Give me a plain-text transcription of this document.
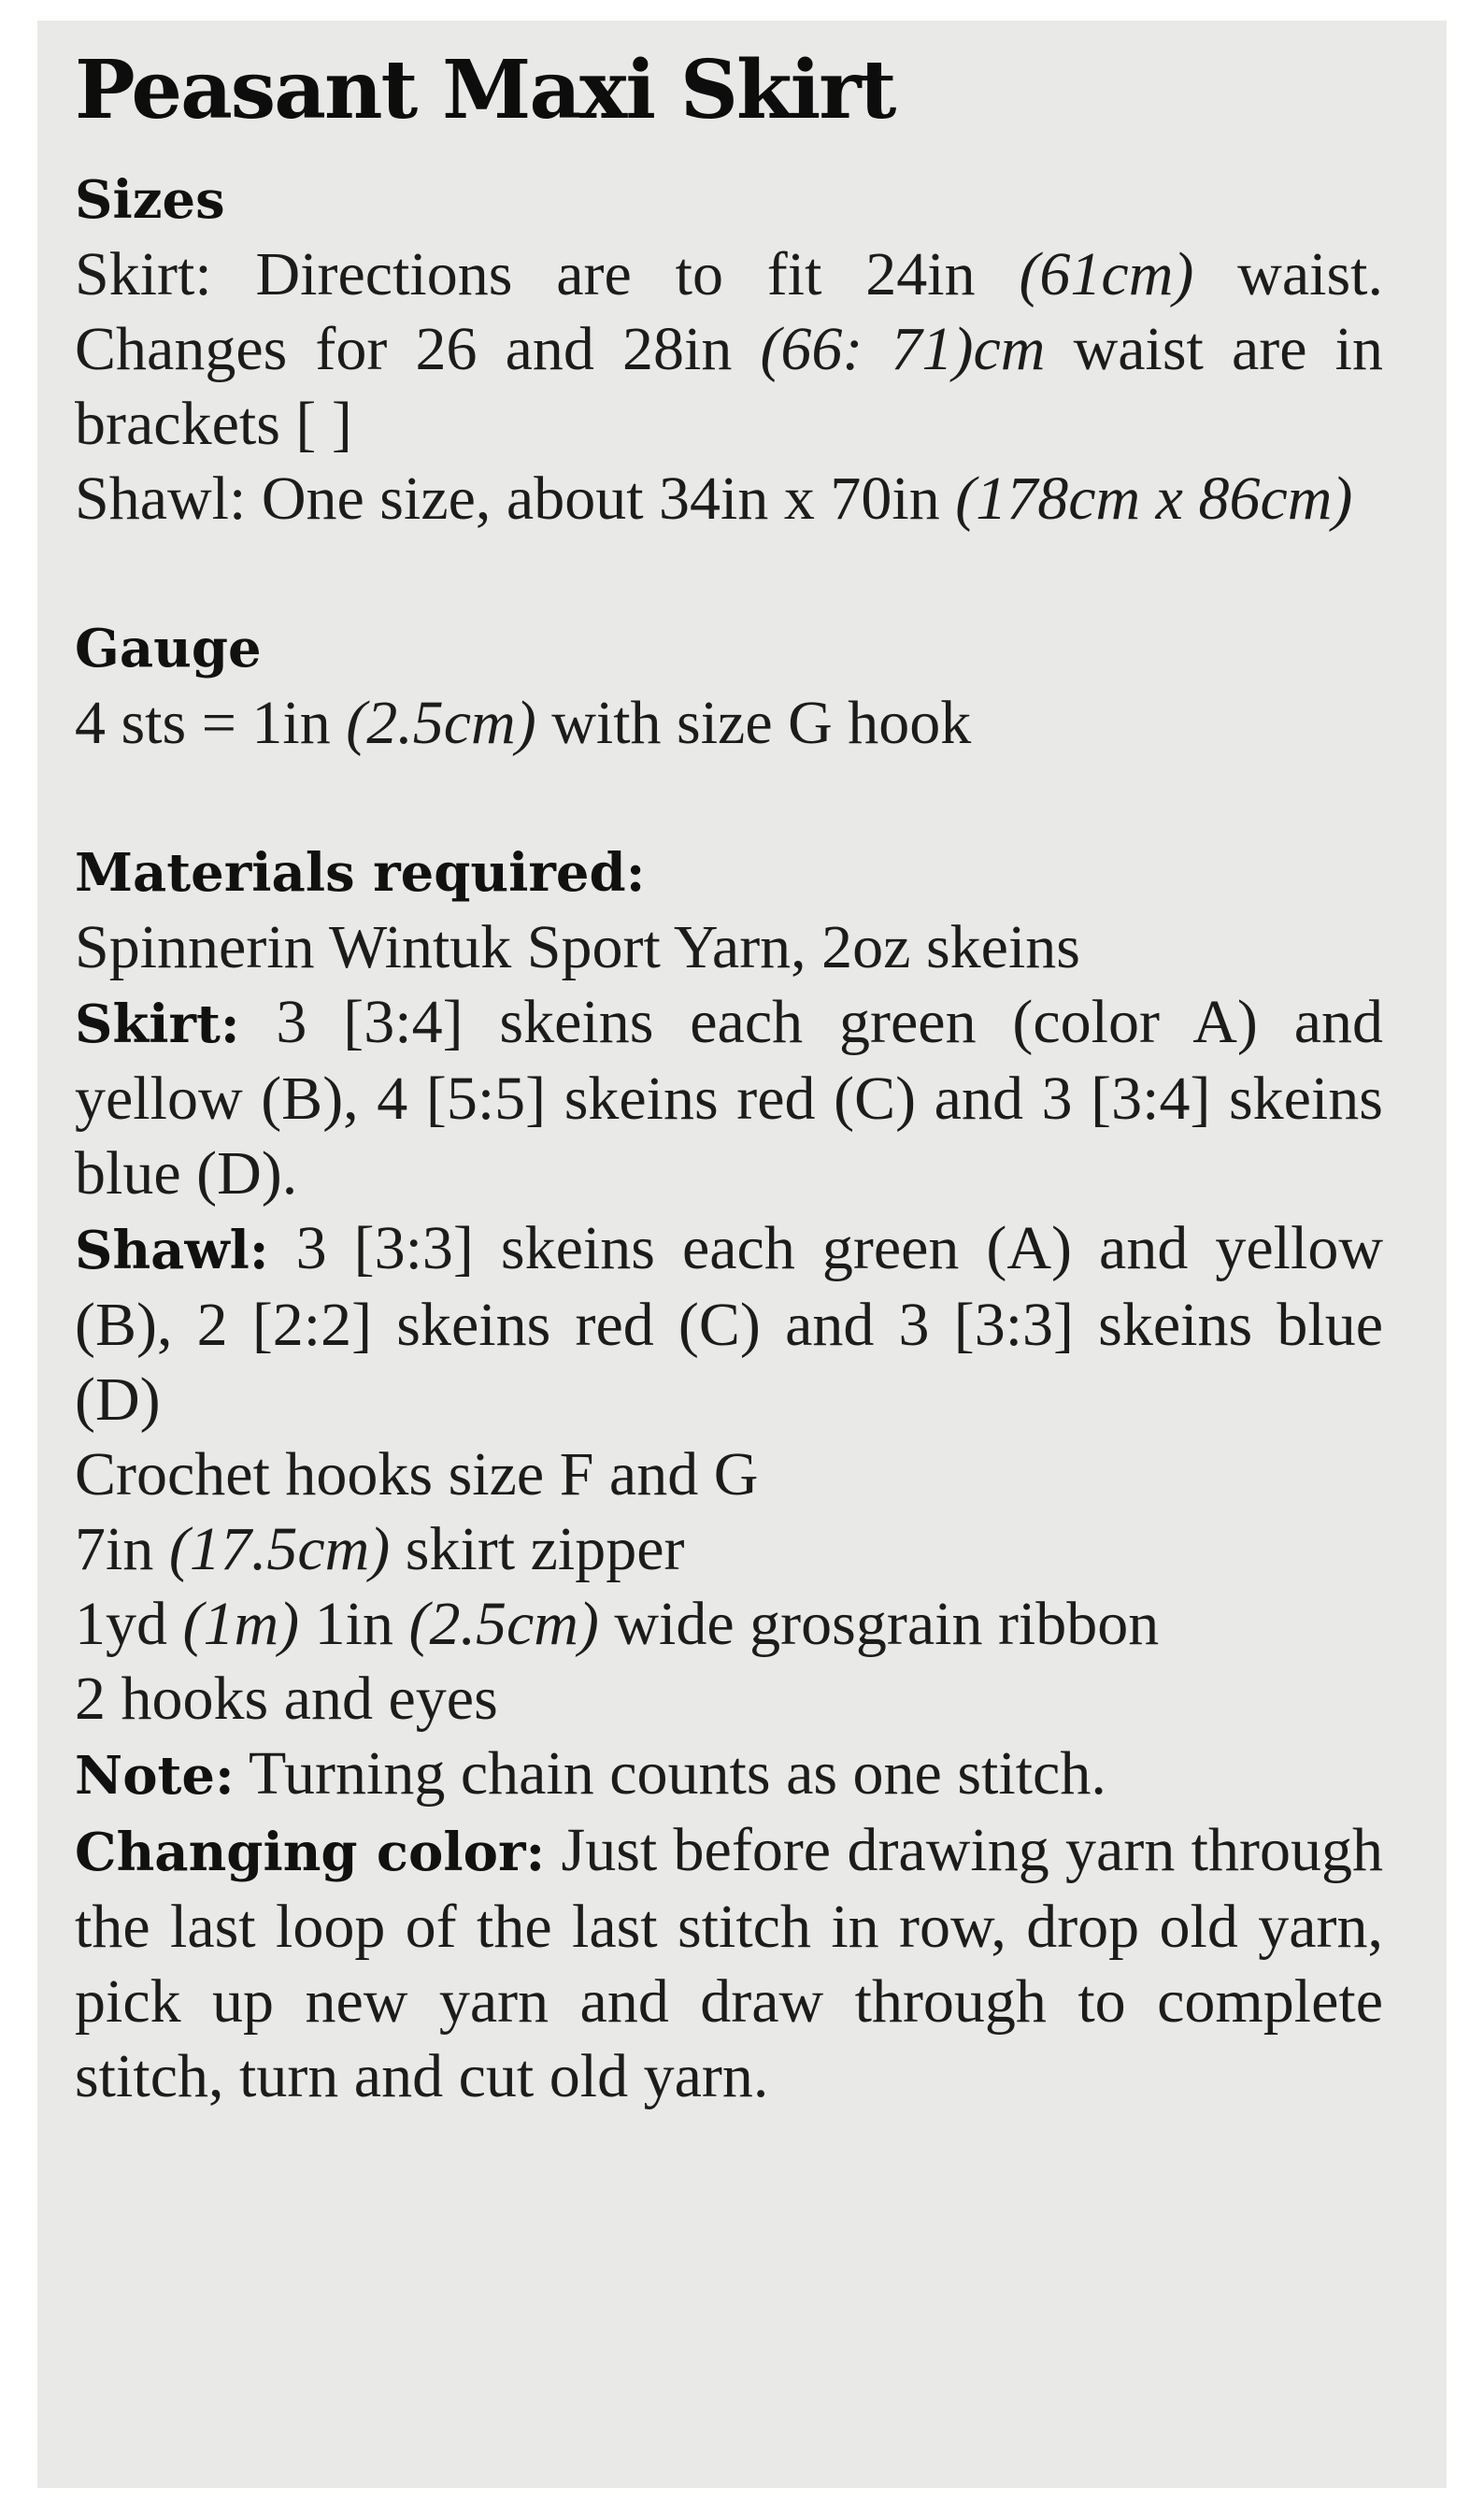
Peasant Maxi Skirt
Sizes
Skirt: Directions are to fit 24in (61cm) waist. Changes for 26 and 28in (66: 71)cm waist are in brackets [ ]
Shawl: One size, about 34in x 70in (178cm x 86cm)
Gauge
4 sts = 1in (2.5cm) with size G hook
Materials required:
Spinnerin Wintuk Sport Yarn, 2oz skeins
Skirt: 3 [3:4] skeins each green (color A) and yellow (B), 4 [5:5] skeins red (C) and 3 [3:4] skeins blue (D).
Shawl: 3 [3:3] skeins each green (A) and yellow (B), 2 [2:2] skeins red (C) and 3 [3:3] skeins blue (D)
Crochet hooks size F and G
7in (17.5cm) skirt zipper
1yd (1m) 1in (2.5cm) wide grosgrain ribbon
2 hooks and eyes
Note: Turning chain counts as one stitch.
Changing color: Just before drawing yarn through the last loop of the last stitch in row, drop old yarn, pick up new yarn and draw through to complete stitch, turn and cut old yarn.
